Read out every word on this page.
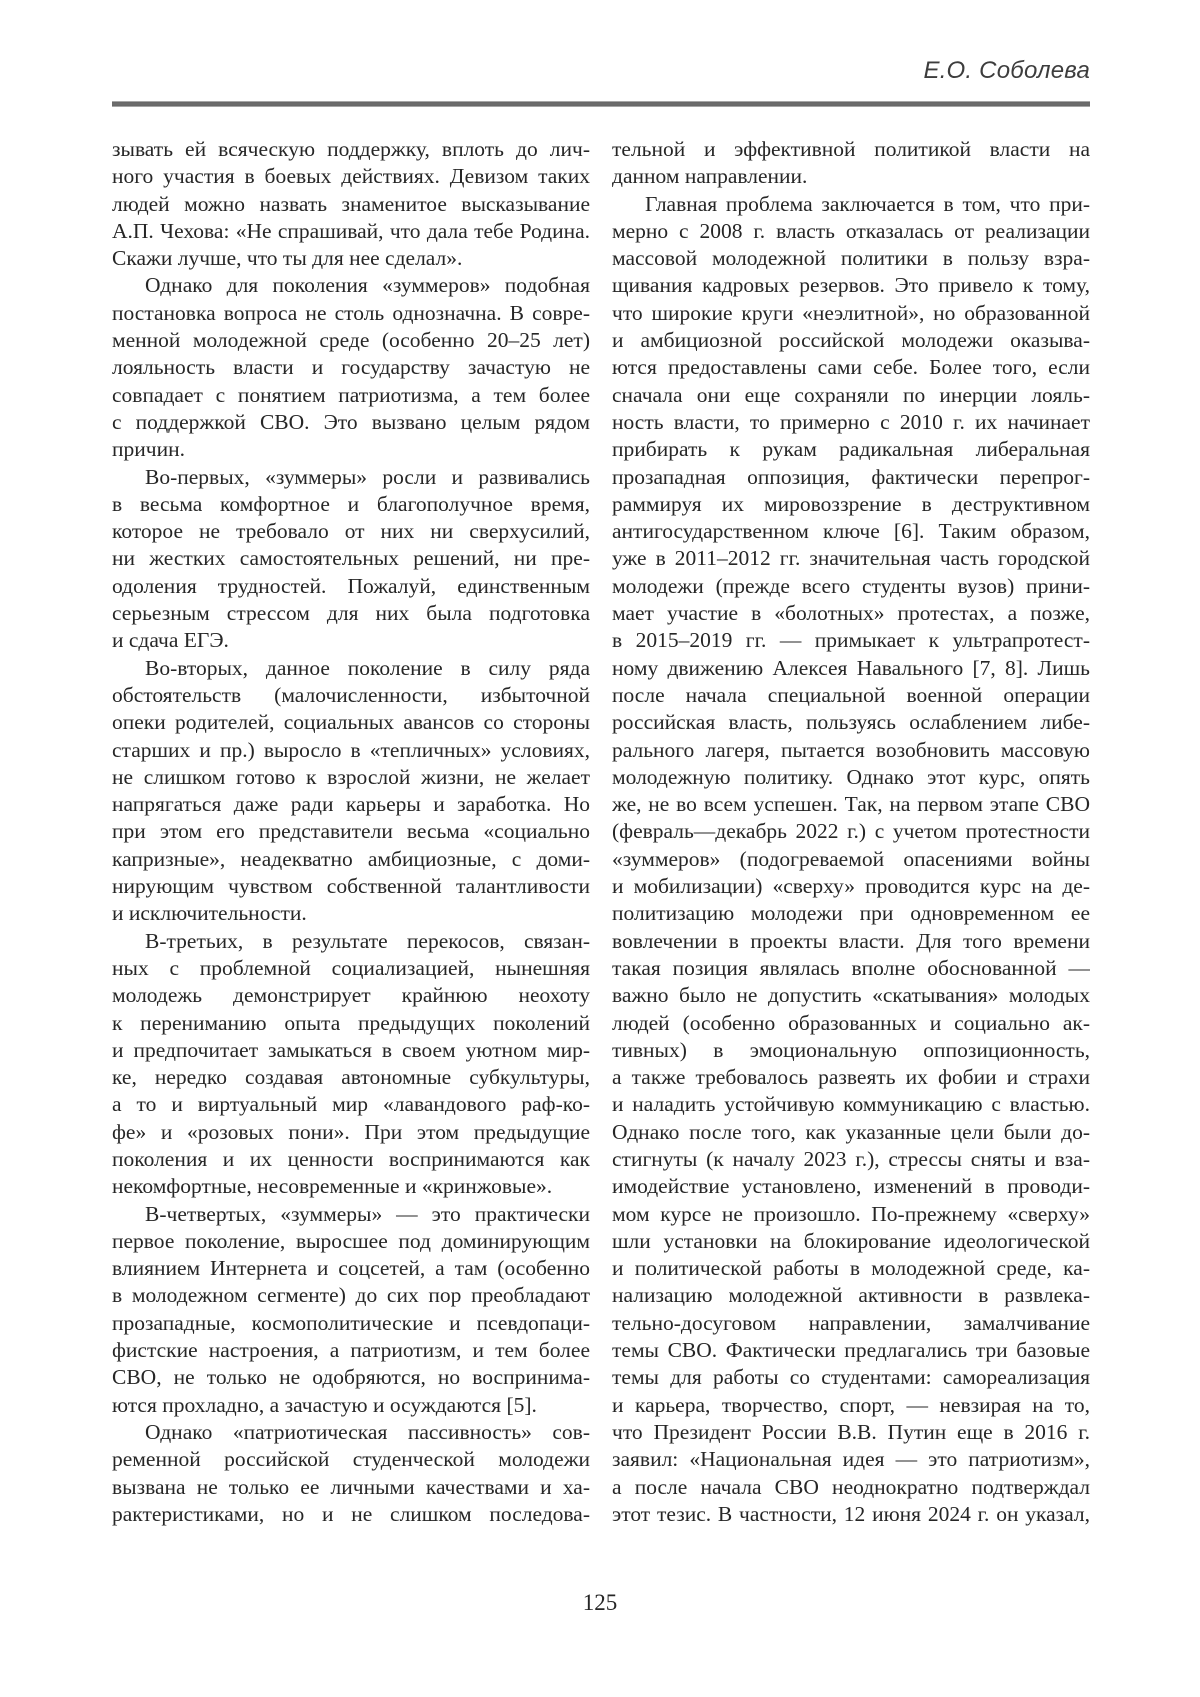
Е.О. Соболева
зывать ей всяческую поддержку, вплоть до лич-
ного участия в боевых действиях. Девизом таких
людей можно назвать знаменитое высказывание
А.П. Чехова: «Не спрашивай, что дала тебе Родина.
Скажи лучше, что ты для нее сделал».
Однако для поколения «зуммеров» подобная
постановка вопроса не столь однозначна. В совре-
менной молодежной среде (особенно 20–25 лет)
лояльность власти и государству зачастую не
совпадает с понятием патриотизма, а тем более
с поддержкой СВО. Это вызвано целым рядом
причин.
Во-первых, «зуммеры» росли и развивались
в весьма комфортное и благополучное время,
которое не требовало от них ни сверхусилий,
ни жестких самостоятельных решений, ни пре-
одоления трудностей. Пожалуй, единственным
серьезным стрессом для них была подготовка
и сдача ЕГЭ.
Во-вторых, данное поколение в силу ряда
обстоятельств (малочисленности, избыточной
опеки родителей, социальных авансов со стороны
старших и пр.) выросло в «тепличных» условиях,
не слишком готово к взрослой жизни, не желает
напрягаться даже ради карьеры и заработка. Но
при этом его представители весьма «социально
капризные», неадекватно амбициозные, с доми-
нирующим чувством собственной талантливости
и исключительности.
В-третьих, в результате перекосов, связан-
ных с проблемной социализацией, нынешняя
молодежь демонстрирует крайнюю неохоту
к перениманию опыта предыдущих поколений
и предпочитает замыкаться в своем уютном мир-
ке, нередко создавая автономные субкультуры,
а то и виртуальный мир «лавандового раф-ко-
фе» и «розовых пони». При этом предыдущие
поколения и их ценности воспринимаются как
некомфортные, несовременные и «кринжовые».
В-четвертых, «зуммеры» — это практически
первое поколение, выросшее под доминирующим
влиянием Интернета и соцсетей, а там (особенно
в молодежном сегменте) до сих пор преобладают
прозападные, космополитические и псевдопаци-
фистские настроения, а патриотизм, и тем более
СВО, не только не одобряются, но воспринима-
ются прохладно, а зачастую и осуждаются [5].
Однако «патриотическая пассивность» сов-
ременной российской студенческой молодежи
вызвана не только ее личными качествами и ха-
рактеристиками, но и не слишком последова-
тельной и эффективной политикой власти на
данном направлении.
Главная проблема заключается в том, что при-
мерно с 2008 г. власть отказалась от реализации
массовой молодежной политики в пользу взра-
щивания кадровых резервов. Это привело к тому,
что широкие круги «неэлитной», но образованной
и амбициозной российской молодежи оказыва-
ются предоставлены сами себе. Более того, если
сначала они еще сохраняли по инерции лояль-
ность власти, то примерно с 2010 г. их начинает
прибирать к рукам радикальная либеральная
прозападная оппозиция, фактически перепрог-
раммируя их мировоззрение в деструктивном
антигосударственном ключе [6]. Таким образом,
уже в 2011–2012 гг. значительная часть городской
молодежи (прежде всего студенты вузов) прини-
мает участие в «болотных» протестах, а позже,
в 2015–2019 гг. — примыкает к ультрапротест-
ному движению Алексея Навального [7, 8]. Лишь
после начала специальной военной операции
российская власть, пользуясь ослаблением либе-
рального лагеря, пытается возобновить массовую
молодежную политику. Однако этот курс, опять
же, не во всем успешен. Так, на первом этапе СВО
(февраль—декабрь 2022 г.) с учетом протестности
«зуммеров» (подогреваемой опасениями войны
и мобилизации) «сверху» проводится курс на де-
политизацию молодежи при одновременном ее
вовлечении в проекты власти. Для того времени
такая позиция являлась вполне обоснованной —
важно было не допустить «скатывания» молодых
людей (особенно образованных и социально ак-
тивных) в эмоциональную оппозиционность,
а также требовалось развеять их фобии и страхи
и наладить устойчивую коммуникацию с властью.
Однако после того, как указанные цели были до-
стигнуты (к началу 2023 г.), стрессы сняты и вза-
имодействие установлено, изменений в проводи-
мом курсе не произошло. По-прежнему «сверху»
шли установки на блокирование идеологической
и политической работы в молодежной среде, ка-
нализацию молодежной активности в развлека-
тельно-досуговом направлении, замалчивание
темы СВО. Фактически предлагались три базовые
темы для работы со студентами: самореализация
и карьера, творчество, спорт, — невзирая на то,
что Президент России В.В. Путин еще в 2016 г.
заявил: «Национальная идея — это патриотизм»,
а после начала СВО неоднократно подтверждал
этот тезис. В частности, 12 июня 2024 г. он указал,
125
